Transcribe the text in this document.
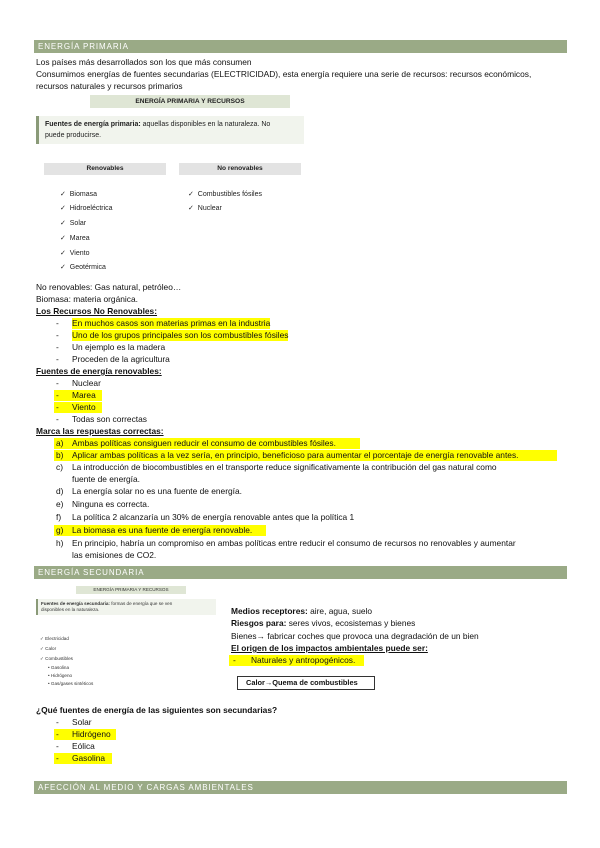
ENERGÍA PRIMARIA
Los países más desarrollados son los que más consumen
Consumimos energías de fuentes secundarias (ELECTRICIDAD), esta energía requiere una serie de recursos: recursos económicos,
recursos naturales y recursos primarios
ENERGÍA PRIMARIA Y RECURSOS
Fuentes de energía primaria: aquellas disponibles en la naturaleza. No
puede producirse.
Renovables	No renovables
✓ Biomasa
✓ Hidroeléctrica
✓ Solar
✓ Marea
✓ Viento
✓ Geotérmica
✓ Combustibles fósiles
✓ Nuclear
No renovables: Gas natural, petróleo…
Biomasa: materia orgánica.
Los Recursos No Renovables:
- En muchos casos son materias primas en la industria
- Uno de los grupos principales son los combustibles fósiles
- Un ejemplo es la madera
- Proceden de la agricultura
Fuentes de energía renovables:
- Nuclear
- Marea
- Viento
- Todas son correctas
Marca las respuestas correctas:
a) Ambas políticas consiguen reducir el consumo de combustibles fósiles.
b) Aplicar ambas políticas a la vez sería, en principio, beneficioso para aumentar el porcentaje de energía renovable antes.
c) La introducción de biocombustibles en el transporte reduce significativamente la contribución del gas natural como
fuente de energía.
d) La energía solar no es una fuente de energía.
e) Ninguna es correcta.
f) La política 2 alcanzaría un 30% de energía renovable antes que la política 1
g) La biomasa es una fuente de energía renovable.
h) En principio, habría un compromiso en ambas políticas entre reducir el consumo de recursos no renovables y aumentar
las emisiones de CO2.
ENERGÍA SECUNDARIA
ENERGÍA PRIMARIA Y RECURSOS
Fuentes de energía secundaria: formas de energía que se ven
disponibles en la naturaleza.
✓ Electricidad
✓ Calor
✓ Combustibles
• Gasolina
• Hidrógeno
• Gas/gases sintéticos
Medios receptores: aire, agua, suelo
Riesgos para: seres vivos, ecosistemas y bienes
Bienes→ fabricar coches que provoca una degradación de un bien
El origen de los impactos ambientales puede ser:
- Naturales y antropogénicos.
Calor→Quema de combustibles
¿Qué fuentes de energía de las siguientes son secundarias?
- Solar
- Hidrógeno
- Eólica
- Gasolina
AFECCIÓN AL MEDIO Y CARGAS AMBIENTALES
